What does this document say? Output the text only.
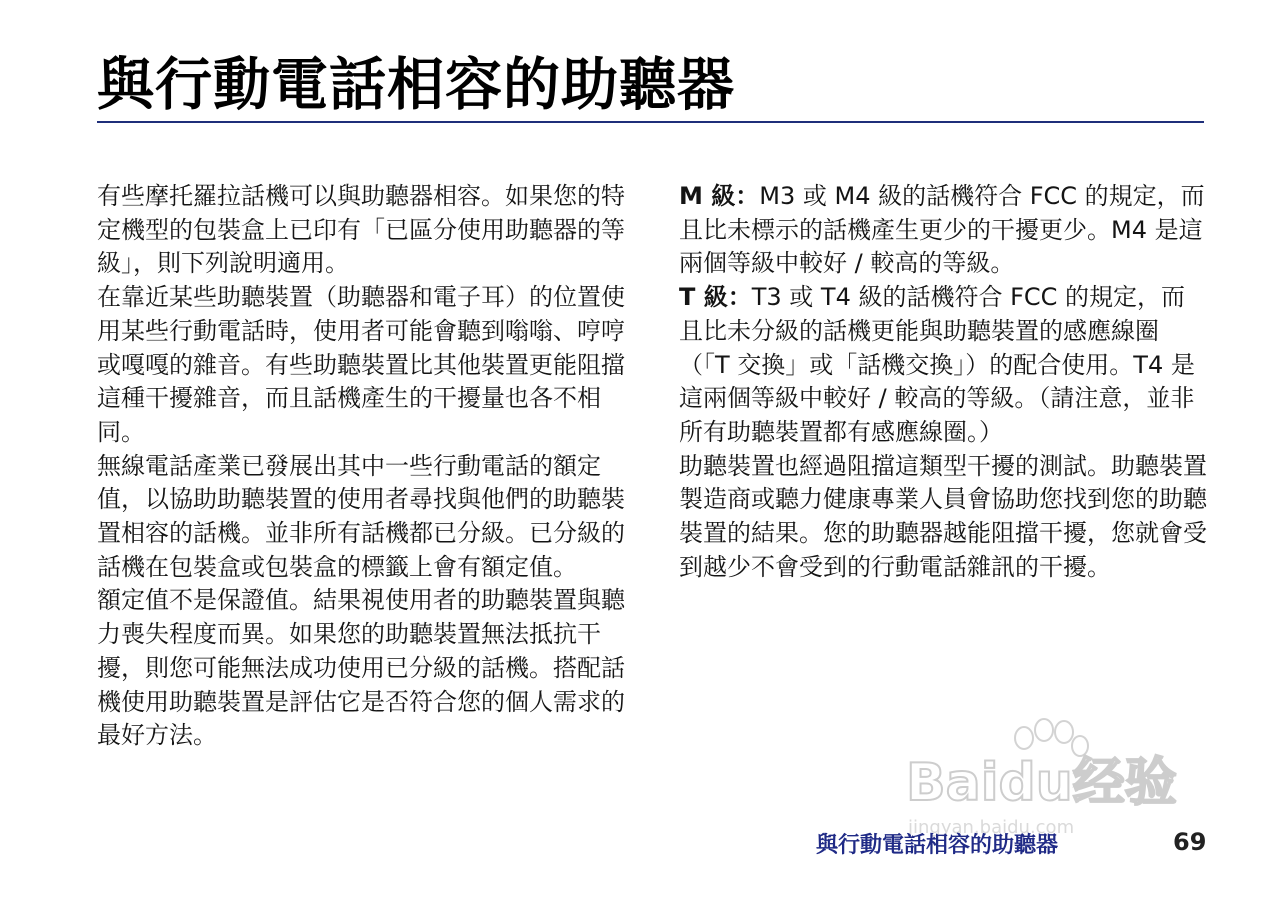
與行動電話相容的助聽器

有些摩托羅拉話機可以與助聽器相容。如果您的特定機型的包裝盒上已印有「已區分使用助聽器的等級」，則下列說明適用。

在靠近某些助聽裝置（助聽器和電子耳）的位置使用某些行動電話時，使用者可能會聽到嗡嗡、哼哼或嘎嘎的雜音。有些助聽裝置比其他裝置更能阻擋這種干擾雜音，而且話機產生的干擾量也各不相同。

無線電話產業已發展出其中一些行動電話的額定值，以協助助聽裝置的使用者尋找與他們的助聽裝置相容的話機。並非所有話機都已分級。已分級的話機在包裝盒或包裝盒的標籤上會有額定值。

額定值不是保證值。結果視使用者的助聽裝置與聽力喪失程度而異。如果您的助聽裝置無法抵抗干擾，則您可能無法成功使用已分級的話機。搭配話機使用助聽裝置是評估它是否符合您的個人需求的最好方法。

M 級：M3 或 M4 級的話機符合 FCC 的規定，而且比未標示的話機產生更少的干擾更少。M4 是這兩個等級中較好 / 較高的等級。

T 級：T3 或 T4 級的話機符合 FCC 的規定，而且比未分級的話機更能與助聽裝置的感應線圈（「T 交換」或「話機交換」）的配合使用。T4 是這兩個等級中較好 / 較高的等級。（請注意，並非所有助聽裝置都有感應線圈。）

助聽裝置也經過阻擋這類型干擾的測試。助聽裝置製造商或聽力健康專業人員會協助您找到您的助聽裝置的結果。您的助聽器越能阻擋干擾，您就會受到越少不會受到的行動電話雜訊的干擾。

Baidu经验
jingyan.baidu.com
與行動電話相容的助聽器	69
